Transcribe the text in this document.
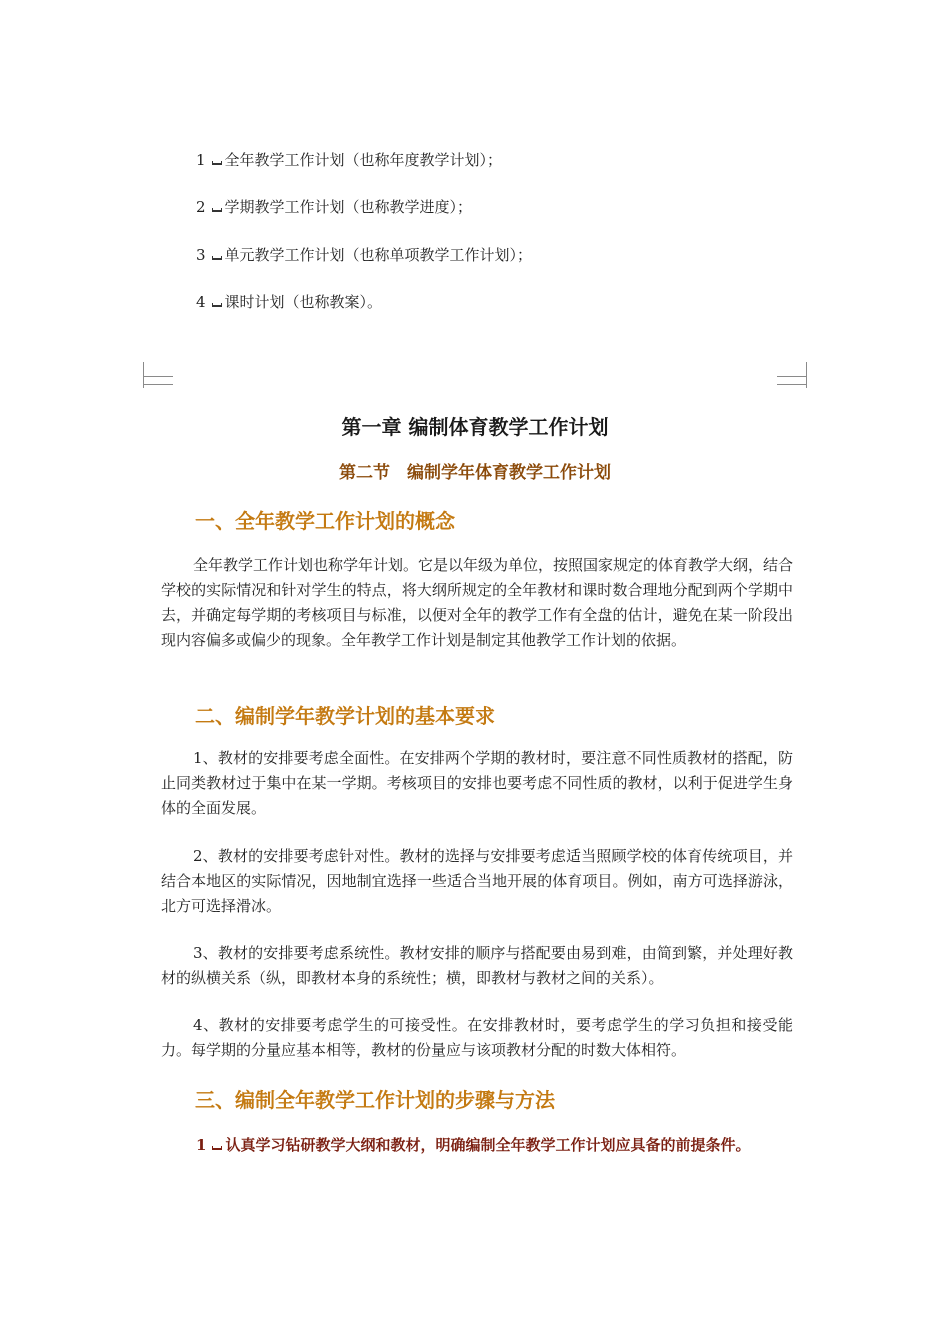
1 全年教学工作计划（也称年度教学计划）；
2 学期教学工作计划（也称教学进度）；
3 单元教学工作计划（也称单项教学工作计划）；
4 课时计划（也称教案）。
第一章 编制体育教学工作计划
第二节　编制学年体育教学工作计划
一、全年教学工作计划的概念

全年教学工作计划也称学年计划。它是以年级为单位，按照国家规定的体育教学大纲，结合学校的实际情况和针对学生的特点，将大纲所规定的全年教材和课时数合理地分配到两个学期中去，并确定每学期的考核项目与标准，以便对全年的教学工作有全盘的估计，避免在某一阶段出现内容偏多或偏少的现象。全年教学工作计划是制定其他教学工作计划的依据。

二、编制学年教学计划的基本要求

1、教材的安排要考虑全面性。在安排两个学期的教材时，要注意不同性质教材的搭配，防止同类教材过于集中在某一学期。考核项目的安排也要考虑不同性质的教材，以利于促进学生身体的全面发展。

2、教材的安排要考虑针对性。教材的选择与安排要考虑适当照顾学校的体育传统项目，并结合本地区的实际情况，因地制宜选择一些适合当地开展的体育项目。例如，南方可选择游泳，北方可选择滑冰。

3、教材的安排要考虑系统性。教材安排的顺序与搭配要由易到难，由简到繁，并处理好教材的纵横关系（纵，即教材本身的系统性；横，即教材与教材之间的关系）。

4、教材的安排要考虑学生的可接受性。在安排教材时，要考虑学生的学习负担和接受能力。每学期的分量应基本相等，教材的份量应与该项教材分配的时数大体相符。

三、编制全年教学工作计划的步骤与方法

1 认真学习钻研教学大纲和教材，明确编制全年教学工作计划应具备的前提条件。
